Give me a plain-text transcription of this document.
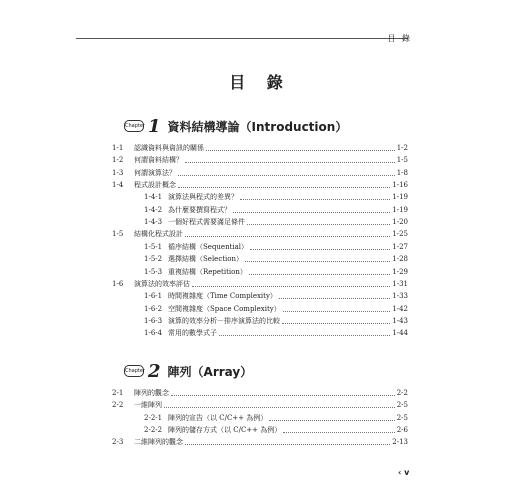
目 錄
目 錄
Chapter 1 資料結構導論（Introduction）
1-1	認識資料與資訊的關係	1-2
1-2	何謂資料結構？	1-5
1-3	何謂演算法？	1-8
1-4	程式設計概念	1-16
1-4-1 演算法與程式的差異？	1-19
1-4-2 為什麼要撰寫程式？	1-19
1-4-3 一個好程式需要滿足條件	1-20
1-5	結構化程式設計	1-25
1-5-1 循序結構（Sequential）	1-27
1-5-2 選擇結構（Selection）	1-28
1-5-3 重複結構（Repetition）	1-29
1-6	演算法的效率評估	1-31
1-6-1 時間複雜度（Time Complexity）	1-33
1-6-2 空間複雜度（Space Complexity）	1-42
1-6-3 演算的效率分析－排序演算法的比較	1-43
1-6-4 常用的數學式子	1-44
Chapter 2 陣列（Array）
2-1	陣列的觀念	2-2
2-2	一維陣列	2-5
2-2-1 陣列的宣告（以 C/C++ 為例）	2-5
2-2-2 陣列的儲存方式（以 C/C++ 為例）	2-6
2-3	二維陣列的觀念	2-13
‹ v
